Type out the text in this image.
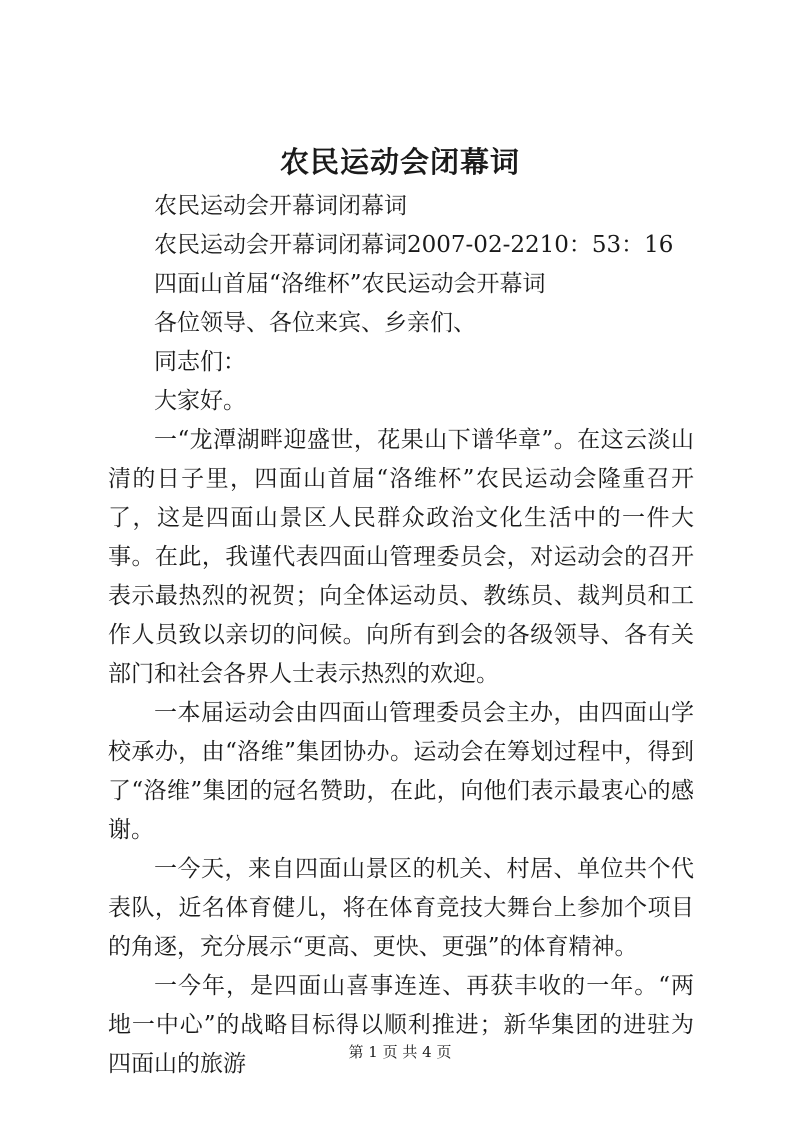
农民运动会闭幕词

农民运动会开幕词闭幕词

农民运动会开幕词闭幕词2007-02-2210：53：16

四面山首届“洛维杯”农民运动会开幕词

各位领导、各位来宾、乡亲们、

同志们：

大家好。

一“龙潭湖畔迎盛世，花果山下谱华章”。在这云淡山清的日子里，四面山首届“洛维杯”农民运动会隆重召开了，这是四面山景区人民群众政治文化生活中的一件大事。在此，我谨代表四面山管理委员会，对运动会的召开表示最热烈的祝贺；向全体运动员、教练员、裁判员和工作人员致以亲切的问候。向所有到会的各级领导、各有关部门和社会各界人士表示热烈的欢迎。

一本届运动会由四面山管理委员会主办，由四面山学校承办，由“洛维”集团协办。运动会在筹划过程中，得到了“洛维”集团的冠名赞助，在此，向他们表示最衷心的感谢。

一今天，来自四面山景区的机关、村居、单位共个代表队，近名体育健儿，将在体育竞技大舞台上参加个项目的角逐，充分展示“更高、更快、更强”的体育精神。

一今年，是四面山喜事连连、再获丰收的一年。“两地一中心”的战略目标得以顺利推进；新华集团的进驻为四面山的旅游	第 1 页 共 4 页
